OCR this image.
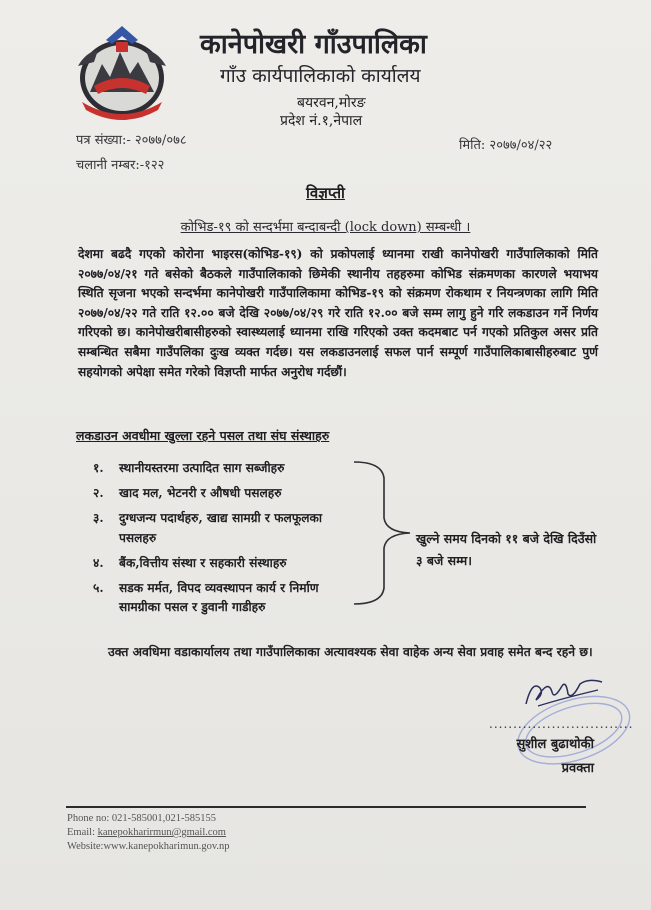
कानेपोखरी गाँउपालिका
गाँउ कार्यपालिकाको कार्यालय
बयरवन,मोरङ
प्रदेश नं.१,नेपाल
पत्र संख्या:- २०७७/०७८
चलानी नम्बर:-१२२
मिति: २०७७/०४/२२
विज्ञप्ती
कोभिड-१९ को सन्दर्भमा बन्दाबन्दी (lock down) सम्बन्धी ।
देशमा बढदै गएको कोरोना भाइरस(कोभिड-१९) को प्रकोपलाई ध्यानमा राखी कानेपोखरी गाउँपालिकाको मिति २०७७/०४/२१ गते बसेको बैठकले गाउँपालिकाको छिमेकी स्थानीय तहहरुमा कोभिड संक्रमणका कारणले भयाभय स्थिति सृजना भएको सन्दर्भमा कानेपोखरी गाउँपालिकामा कोभिड-१९ को संक्रमण रोकथाम र नियन्त्रणका लागि मिति २०७७/०४/२२ गते राति १२.०० बजे देखि २०७७/०४/२९ गरे राति १२.०० बजे सम्म लागु हुने गरि लकडाउन गर्ने निर्णय गरिएको छ। कानेपोखरीबासीहरुको स्वास्थ्यलाई ध्यानमा राखि गरिएको उक्त कदमबाट पर्न गएको प्रतिकुल असर प्रति सम्बन्धित सबैमा गाउँपलिका दुःख व्यक्त गर्दछ। यस लकडाउनलाई सफल पार्न सम्पूर्ण गाउँपालिकाबासीहरुबाट पुर्ण सहयोगको अपेक्षा समेत गरेको विज्ञप्ती मार्फत अनुरोध गर्दछौं।
लकडाउन अवधीमा खुल्ला रहने पसल तथा संघ संस्थाहरु
१.	स्थानीयस्तरमा उत्पादित साग सब्जीहरु
२.	खाद मल, भेटनरी र औषधी पसलहरु
३.	दुग्धजन्य पदार्थहरु, खाद्य सामग्री र फलफूलका पसलहरु
४.	बैंक,वित्तीय संस्था र सहकारी संस्थाहरु
५.	सडक मर्मत, विपद व्यवस्थापन कार्य र निर्माण सामग्रीका पसल र डुवानी गाडीहरु
खुल्ने समय दिनको ११ बजे देखि दिउँसो ३ बजे सम्म।
उक्त अवधिमा वडाकार्यालय तथा गाउँपालिकाका अत्यावश्यक सेवा वाहेक अन्य सेवा प्रवाह समेत बन्द रहने छ।
..............................
सुशील बुढाथोकी
प्रवक्ता
Phone no: 021-585001,021-585155
Email: kanepokharirmun@gmail.com
Website:www.kanepokharimun.gov.np
